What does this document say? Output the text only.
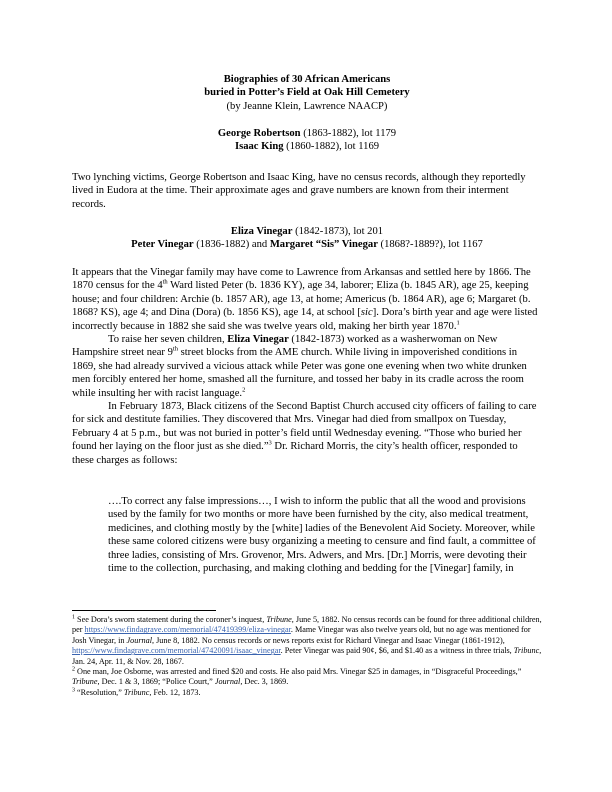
Biographies of 30 African Americans
buried in Potter’s Field at Oak Hill Cemetery
(by Jeanne Klein, Lawrence NAACP)
George Robertson (1863-1882), lot 1179
Isaac King (1860-1882), lot 1169

Two lynching victims, George Robertson and Isaac King, have no census records, although they reportedly lived in Eudora at the time. Their approximate ages and grave numbers are known from their interment records.

Eliza Vinegar (1842-1873), lot 201
Peter Vinegar (1836-1882) and Margaret “Sis” Vinegar (1868?-1889?), lot 1167

It appears that the Vinegar family may have come to Lawrence from Arkansas and settled here by 1866. The 1870 census for the 4th Ward listed Peter (b. 1836 KY), age 34, laborer; Eliza (b. 1845 AR), age 25, keeping house; and four children: Archie (b. 1857 AR), age 13, at home; Americus (b. 1864 AR), age 6; Margaret (b. 1868? KS), age 4; and Dina (Dora) (b. 1856 KS), age 14, at school [sic]. Dora’s birth year and age were listed incorrectly because in 1882 she said she was twelve years old, making her birth year 1870.$^1$

To raise her seven children, Eliza Vinegar (1842-1873) worked as a washerwoman on New Hampshire street near 9th street blocks from the AME church. While living in impoverished conditions in 1869, she had already survived a vicious attack while Peter was gone one evening when two white drunken men forcibly entered her home, smashed all the furniture, and tossed her baby in its cradle across the room while insulting her with racist language.$^2$

In February 1873, Black citizens of the Second Baptist Church accused city officers of failing to care for sick and destitute families. They discovered that Mrs. Vinegar had died from smallpox on Tuesday, February 4 at 5 p.m., but was not buried in potter’s field until Wednesday evening. “Those who buried her found her laying on the floor just as she died.”$^3$ Dr. Richard Morris, the city’s health officer, responded to these charges as follows:

….To correct any false impressions…, I wish to inform the public that all the wood and provisions used by the family for two months or more have been furnished by the city, also medical treatment, medicines, and clothing mostly by the [white] ladies of the Benevolent Aid Society. Moreover, while these same colored citizens were busy organizing a meeting to censure and find fault, a committee of three ladies, consisting of Mrs. Grovenor, Mrs. Adwers, and Mrs. [Dr.] Morris, were devoting their time to the collection, purchasing, and making clothing and bedding for the [Vinegar] family, in

$^1$ See Dora’s sworn statement during the coroner’s inquest, Tribune, June 5, 1882. No census records can be found for three additional children, per https://www.findagrave.com/memorial/47419399/eliza-vinegar. Mame Vinegar was also twelve years old, but no age was mentioned for Josh Vinegar, in Journal, June 8, 1882. No census records or news reports exist for Richard Vinegar and Isaac Vinegar (1861-1912), https://www.findagrave.com/memorial/47420091/isaac_vinegar. Peter Vinegar was paid 90¢, $6, and $1.40 as a witness in three trials, Tribunc, Jan. 24, Apr. 11, & Nov. 28, 1867.

$^2$ One man, Joe Osborne, was arrested and fined $20 and costs. He also paid Mrs. Vinegar $25 in damages, in “Disgraceful Proceedings,” Tribune, Dec. 1 & 3, 1869; “Police Court,” Journal, Dec. 3, 1869.

$^3$ “Resolution,” Tribunc, Feb. 12, 1873.
